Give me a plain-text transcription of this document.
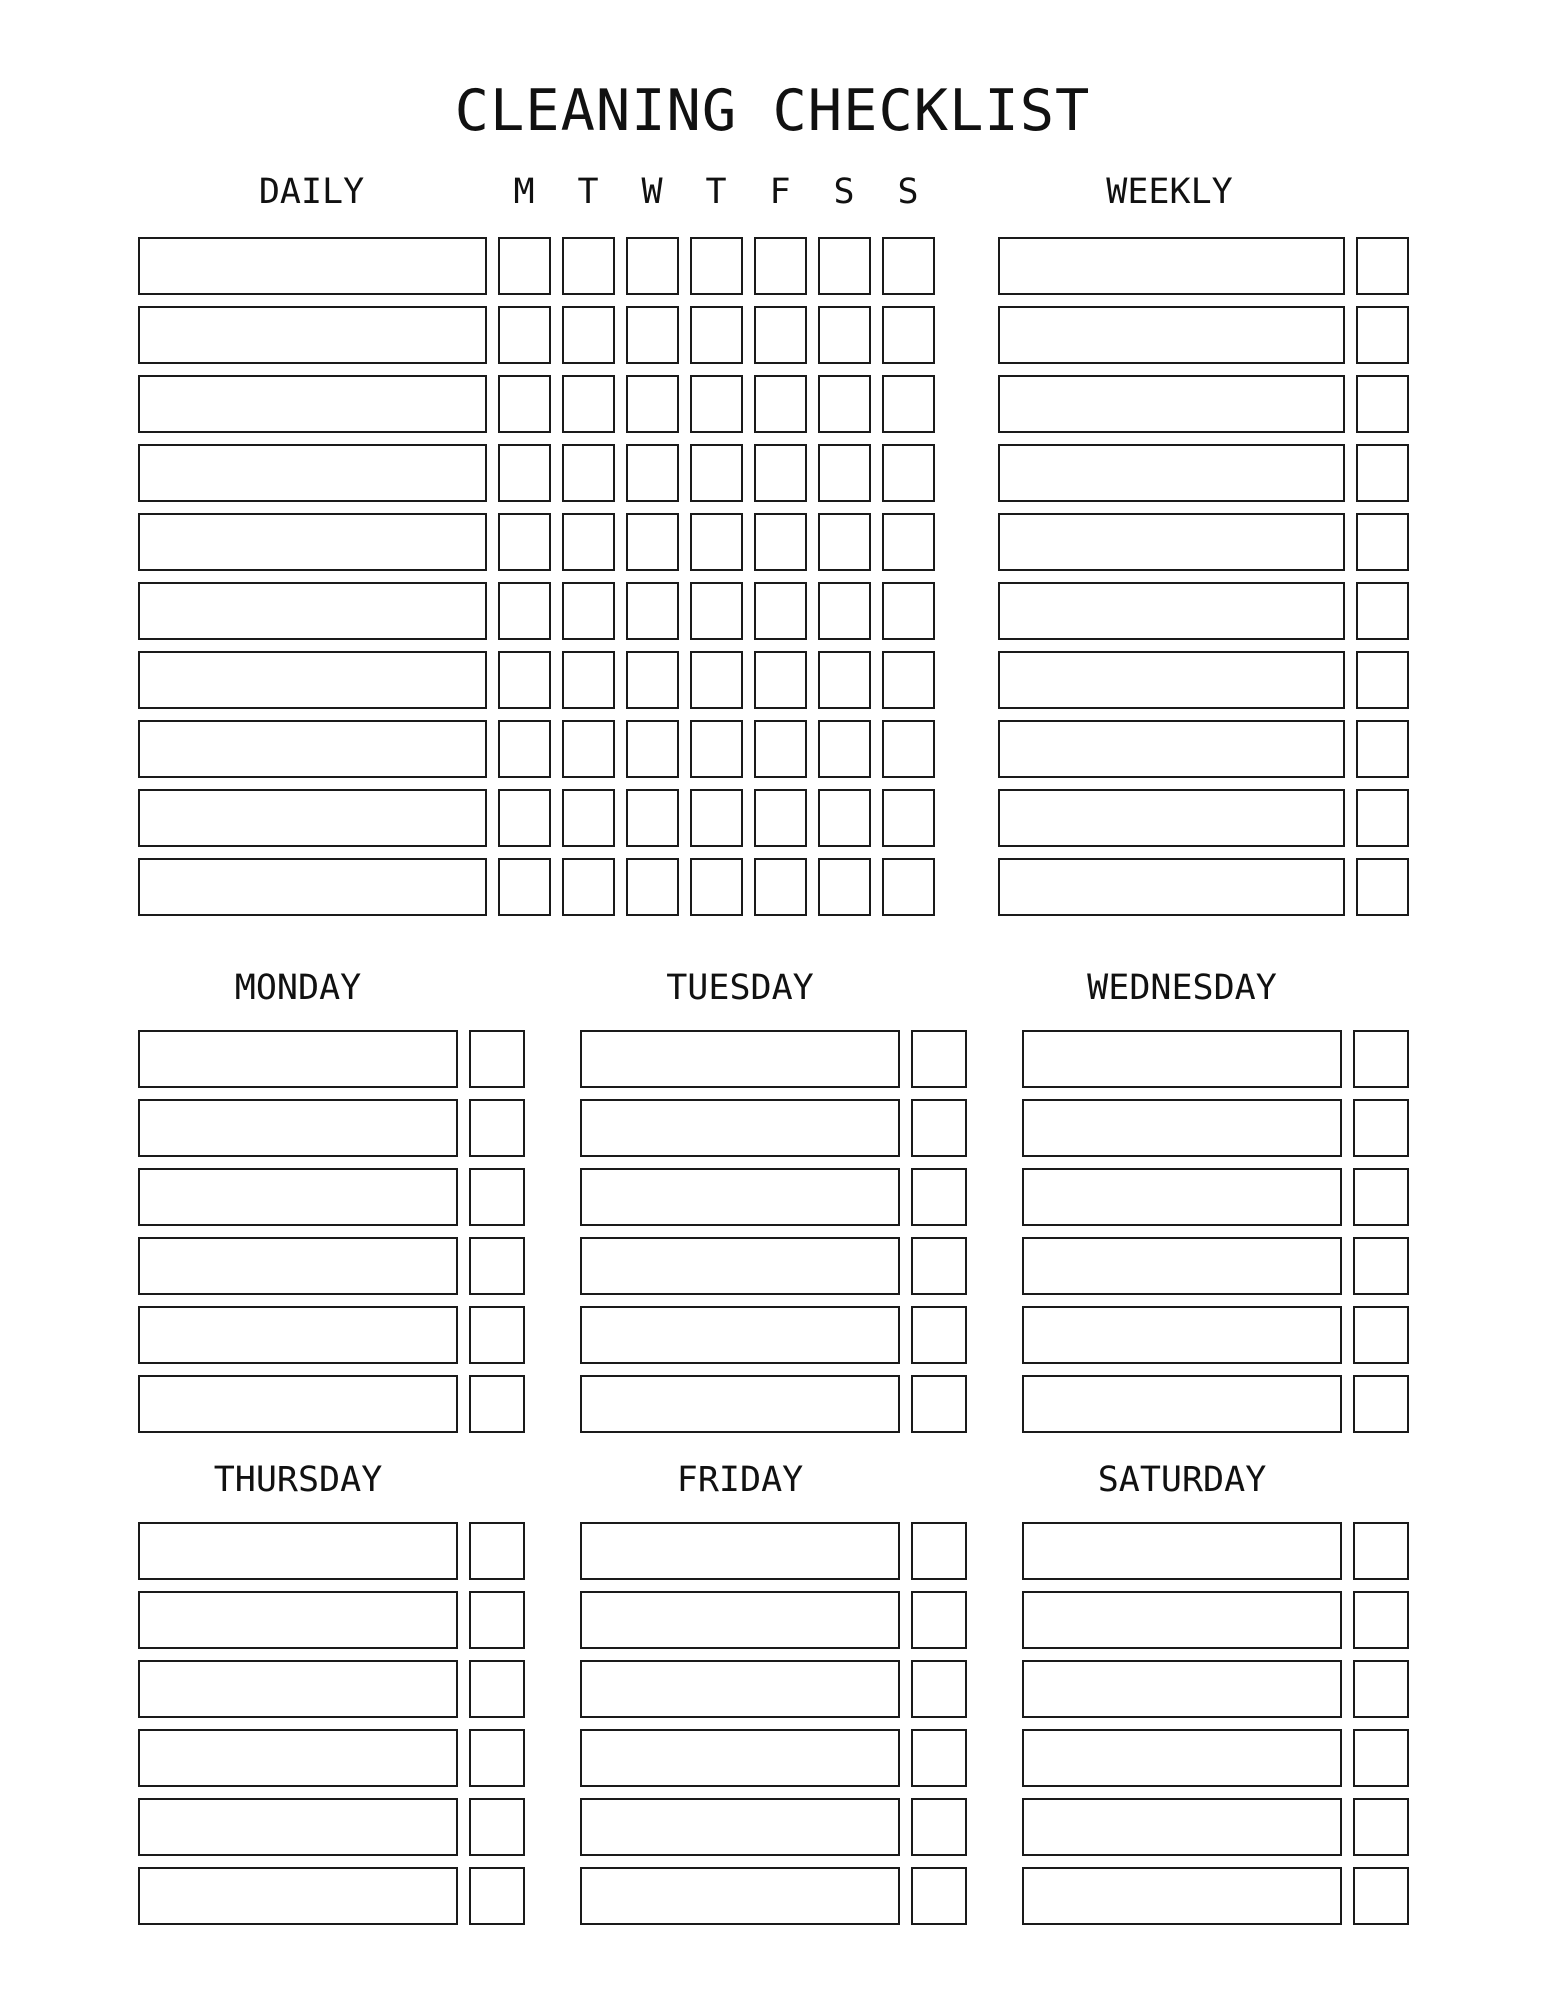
CLEANING CHECKLIST
DAILY	WEEKLY
M	T	W	T	F	S	S
MONDAY	TUESDAY	WEDNESDAY
THURSDAY	FRIDAY	SATURDAY
